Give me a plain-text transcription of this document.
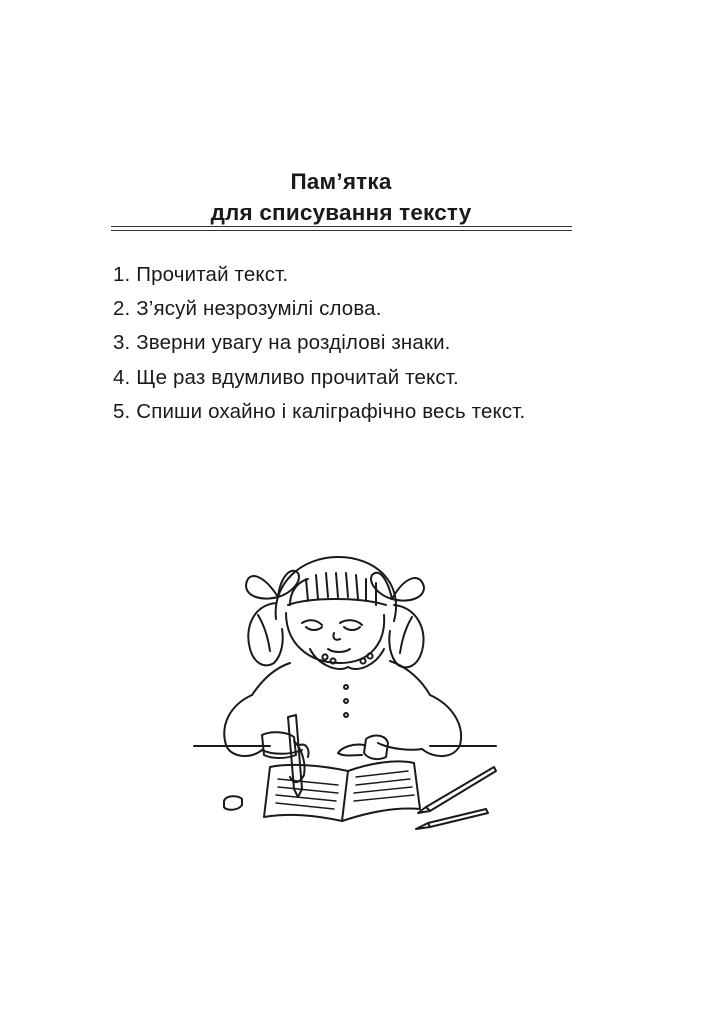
Пам’ятка
для списування тексту
1. Прочитай текст.
2. З’ясуй незрозумілі слова.
3. Зверни увагу на розділові знаки.
4. Ще раз вдумливо прочитай текст.
5. Спиши охайно і каліграфічно весь текст.
